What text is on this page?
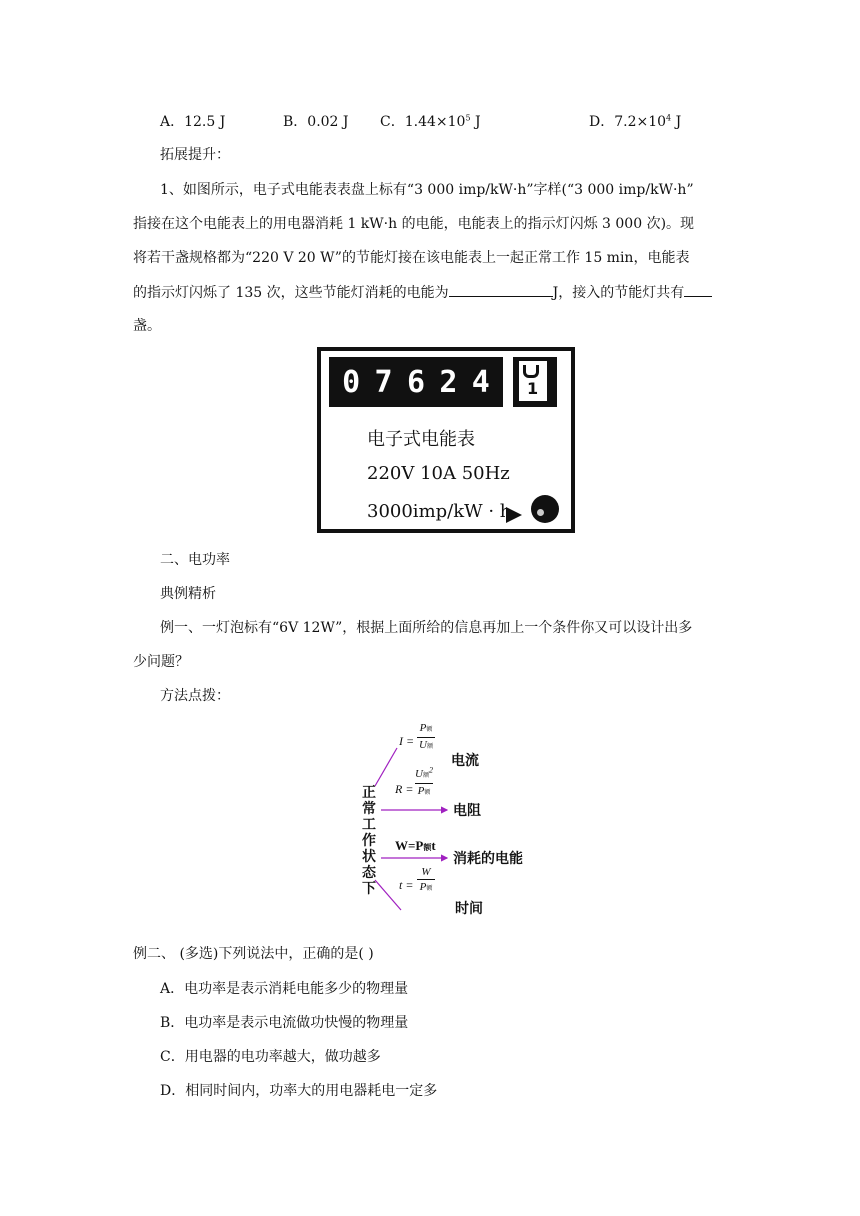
A．12.5 J	B．0.02 J C．$1.44\times 10^5$ J	D．$7.2\times 10^4$ J
拓展提升：
1、如图所示，电子式电能表表盘上标有“3 000 imp/kW·h”字样(“3 000 imp/kW·h”
指接在这个电能表上的用电器消耗 1 kW·h 的电能，电能表上的指示灯闪烁 3 000 次)。现
将若干盏规格都为“220 V 20 W”的节能灯接在该电能表上一起正常工作 15 min，电能表
的指示灯闪烁了 135 次，这些节能灯消耗的电能为	J，接入的节能灯共有
盏。
0 7 6 2 4 1
电子式电能表
220V 10A 50Hz
3000imp/kW · h
二、电功率
典例精析
例一、一灯泡标有“6V 12W”，根据上面所给的信息再加上一个条件你又可以设计出多
少问题？
方法点拨：
正
常
工
作
状
态
下
I =
P额
U额
电流
R =
U额$^2$
P额
电阻
W=P额t
消耗的电能
t =
W
P额
时间
例二、 (多选)下列说法中，正确的是( )
A．电功率是表示消耗电能多少的物理量
B．电功率是表示电流做功快慢的物理量
C．用电器的电功率越大，做功越多
D．相同时间内，功率大的用电器耗电一定多
